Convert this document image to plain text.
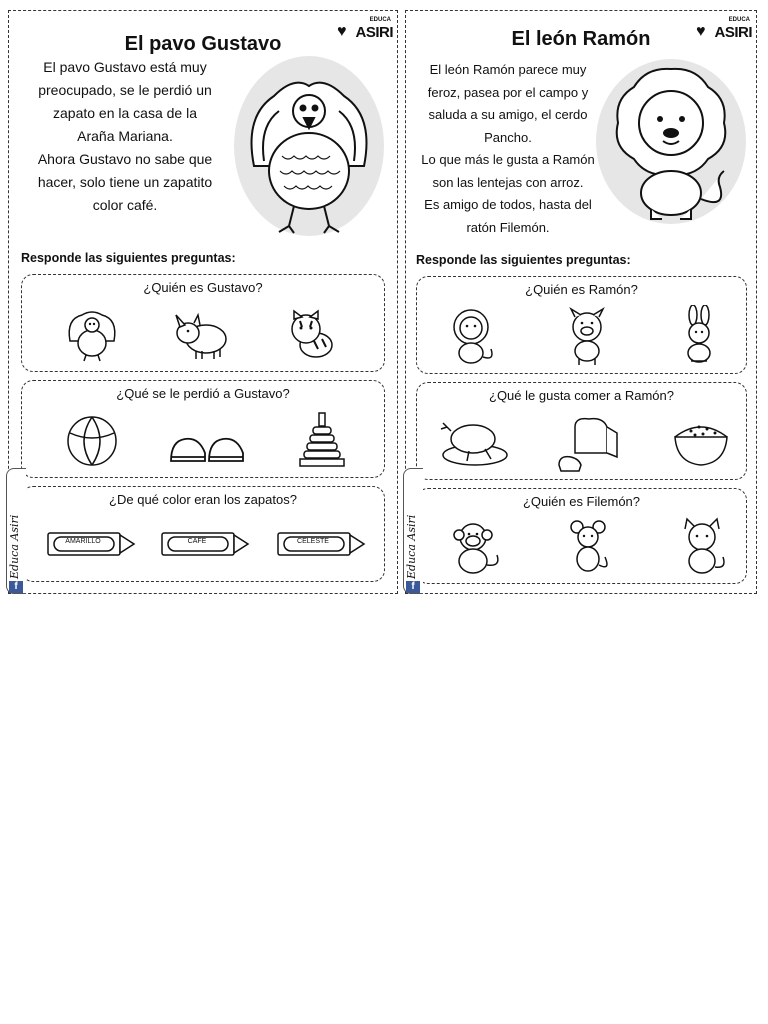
El pavo Gustavo
♥
EDUCA
ASIRI
El pavo Gustavo está muy
preocupado, se le perdió un
zapato en la casa de la
Araña Mariana.
Ahora Gustavo no sabe que
hacer, solo tiene un zapatito
color café.
Responde las siguientes preguntas:
¿Quién es Gustavo?
¿Qué se le perdió a Gustavo?
¿De qué color eran los zapatos?
AMARILLO	CAFÉ	CELESTE
Educa Asiri
f
El león Ramón	♥
EDUCA
ASIRI
El león Ramón parece muy
feroz, pasea por el campo y
saluda a su amigo, el cerdo
Pancho.
Lo que más le gusta a Ramón
son las lentejas con arroz.
Es amigo de todos, hasta del
ratón Filemón.
Responde las siguientes preguntas:
¿Quién es Ramón?
¿Qué le gusta comer a Ramón?
¿Quién es Filemón?
Educa Asiri
f
